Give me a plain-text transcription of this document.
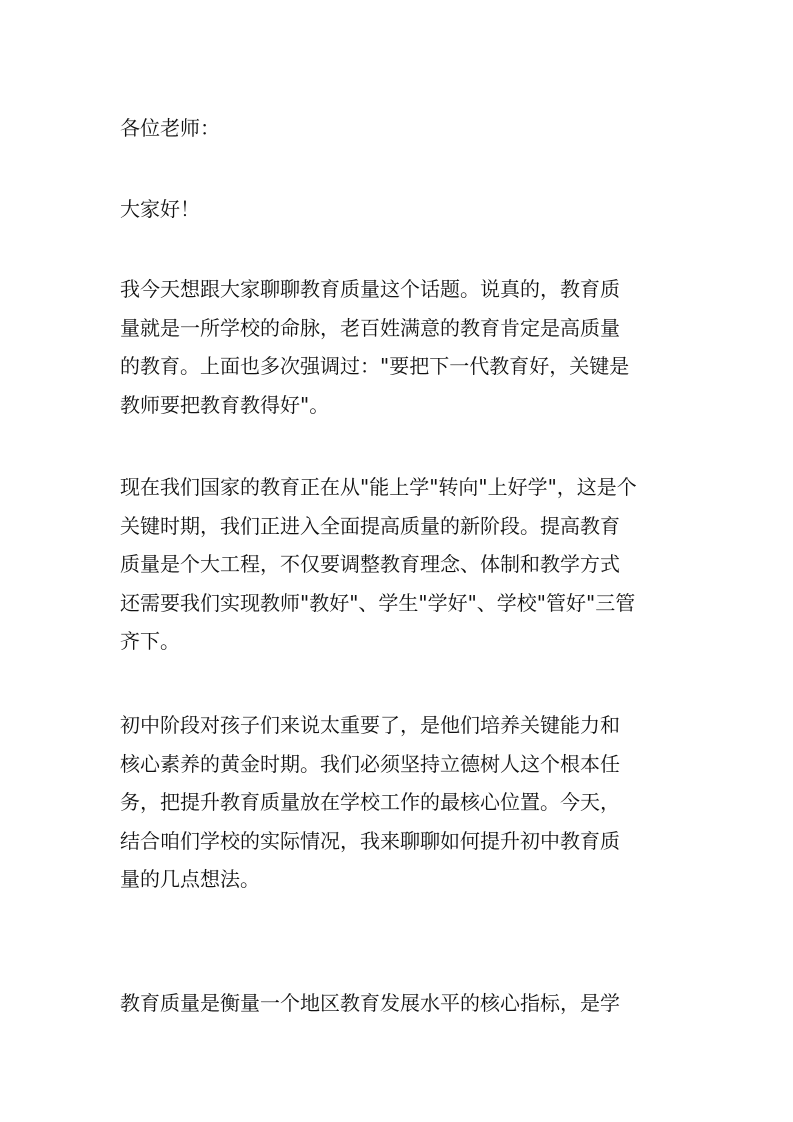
各位老师：
大家好！
我今天想跟大家聊聊教育质量这个话题。说真的，教育质
量就是一所学校的命脉，老百姓满意的教育肯定是高质量
的教育。上面也多次强调过："要把下一代教育好，关键是
教师要把教育教得好"。
现在我们国家的教育正在从"能上学"转向"上好学"，这是个
关键时期，我们正进入全面提高质量的新阶段。提高教育
质量是个大工程，不仅要调整教育理念、体制和教学方式
还需要我们实现教师"教好"、学生"学好"、学校"管好"三管
齐下。
初中阶段对孩子们来说太重要了，是他们培养关键能力和
核心素养的黄金时期。我们必须坚持立德树人这个根本任
务，把提升教育质量放在学校工作的最核心位置。今天，
结合咱们学校的实际情况，我来聊聊如何提升初中教育质
量的几点想法。
教育质量是衡量一个地区教育发展水平的核心指标，是学
